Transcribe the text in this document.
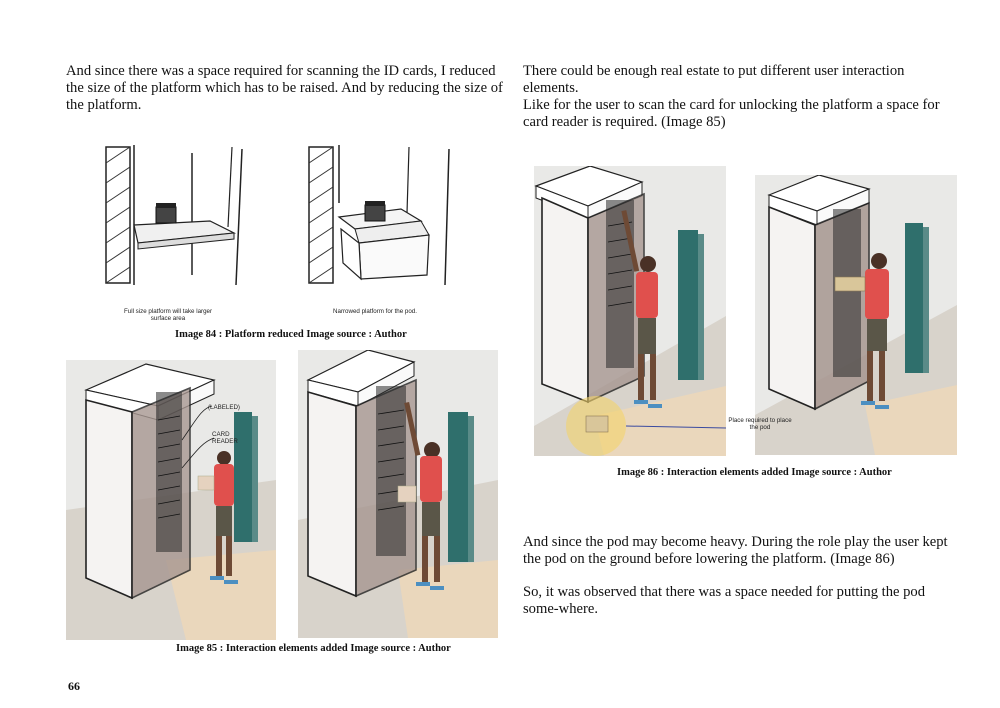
And since there was a space required for scanning the ID cards, I reduced the size of the platform which has to be raised. And by reducing the size of the platform.

Full size platform will take larger surface area
Narrowed platform for the pod.
Image 84 : Platform reduced Image source : Author
(LABELED)
CARD READER
Image 85 : Interaction elements added Image source : Author
66

There could be enough real estate to put different user interaction elements.

Like for the user to scan the card for unlocking the platform a space for card reader is required. (Image 85)

Place required to place the pod
Image 86 : Interaction elements added Image source : Author

And since the pod may become heavy. During the role play the user kept the pod on the ground before lowering the platform. (Image 86)

So, it was observed that there was a space needed for putting the pod some-where.
